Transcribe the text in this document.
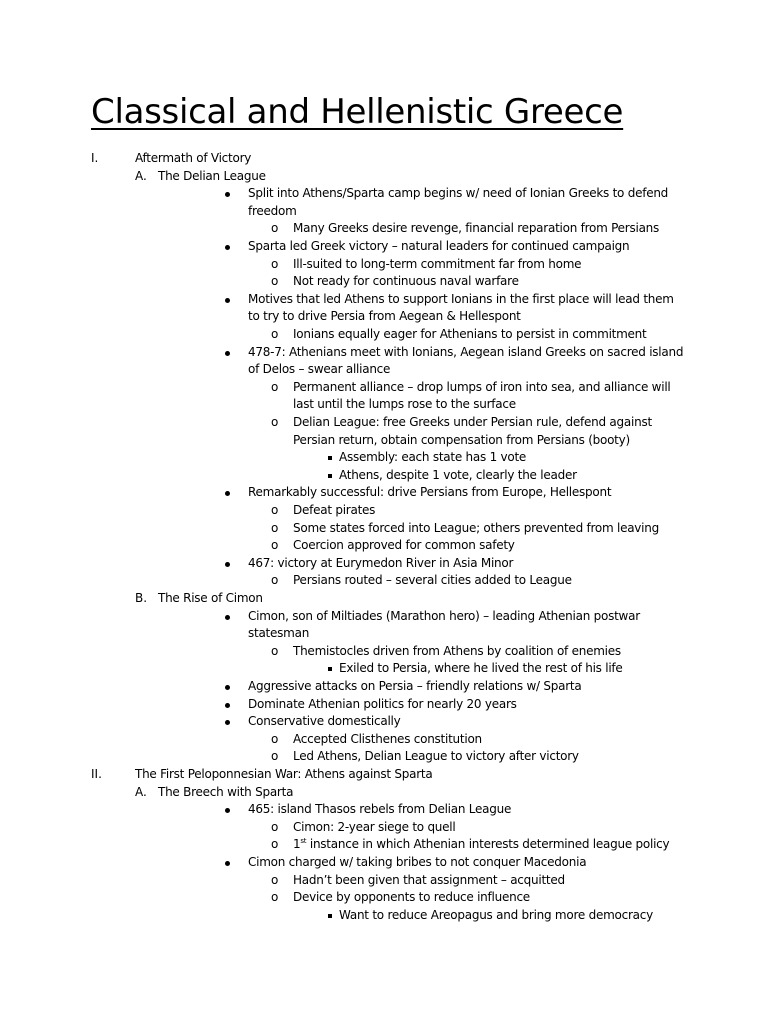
Classical and Hellenistic Greece
I.	Aftermath of Victory
A. The Delian League
Split into Athens/Sparta camp begins w/ need of Ionian Greeks to defend
freedom
o Many Greeks desire revenge, financial reparation from Persians
Sparta led Greek victory – natural leaders for continued campaign
o Ill-suited to long-term commitment far from home
o Not ready for continuous naval warfare
Motives that led Athens to support Ionians in the first place will lead them
to try to drive Persia from Aegean & Hellespont
o Ionians equally eager for Athenians to persist in commitment
478-7: Athenians meet with Ionians, Aegean island Greeks on sacred island
of Delos – swear alliance
o Permanent alliance – drop lumps of iron into sea, and alliance will
last until the lumps rose to the surface
o Delian League: free Greeks under Persian rule, defend against
Persian return, obtain compensation from Persians (booty)
Assembly: each state has 1 vote
Athens, despite 1 vote, clearly the leader
Remarkably successful: drive Persians from Europe, Hellespont
o Defeat pirates
o Some states forced into League; others prevented from leaving
o Coercion approved for common safety
467: victory at Eurymedon River in Asia Minor
o Persians routed – several cities added to League
B. The Rise of Cimon
Cimon, son of Miltiades (Marathon hero) – leading Athenian postwar
statesman
o Themistocles driven from Athens by coalition of enemies
Exiled to Persia, where he lived the rest of his life
Aggressive attacks on Persia – friendly relations w/ Sparta
Dominate Athenian politics for nearly 20 years
Conservative domestically
o Accepted Clisthenes constitution
o Led Athens, Delian League to victory after victory
II.	The First Peloponnesian War: Athens against Sparta
A. The Breech with Sparta
465: island Thasos rebels from Delian League
o Cimon: 2-year siege to quell
o 1st instance in which Athenian interests determined league policy
Cimon charged w/ taking bribes to not conquer Macedonia
o Hadn’t been given that assignment – acquitted
o Device by opponents to reduce influence
Want to reduce Areopagus and bring more democracy
